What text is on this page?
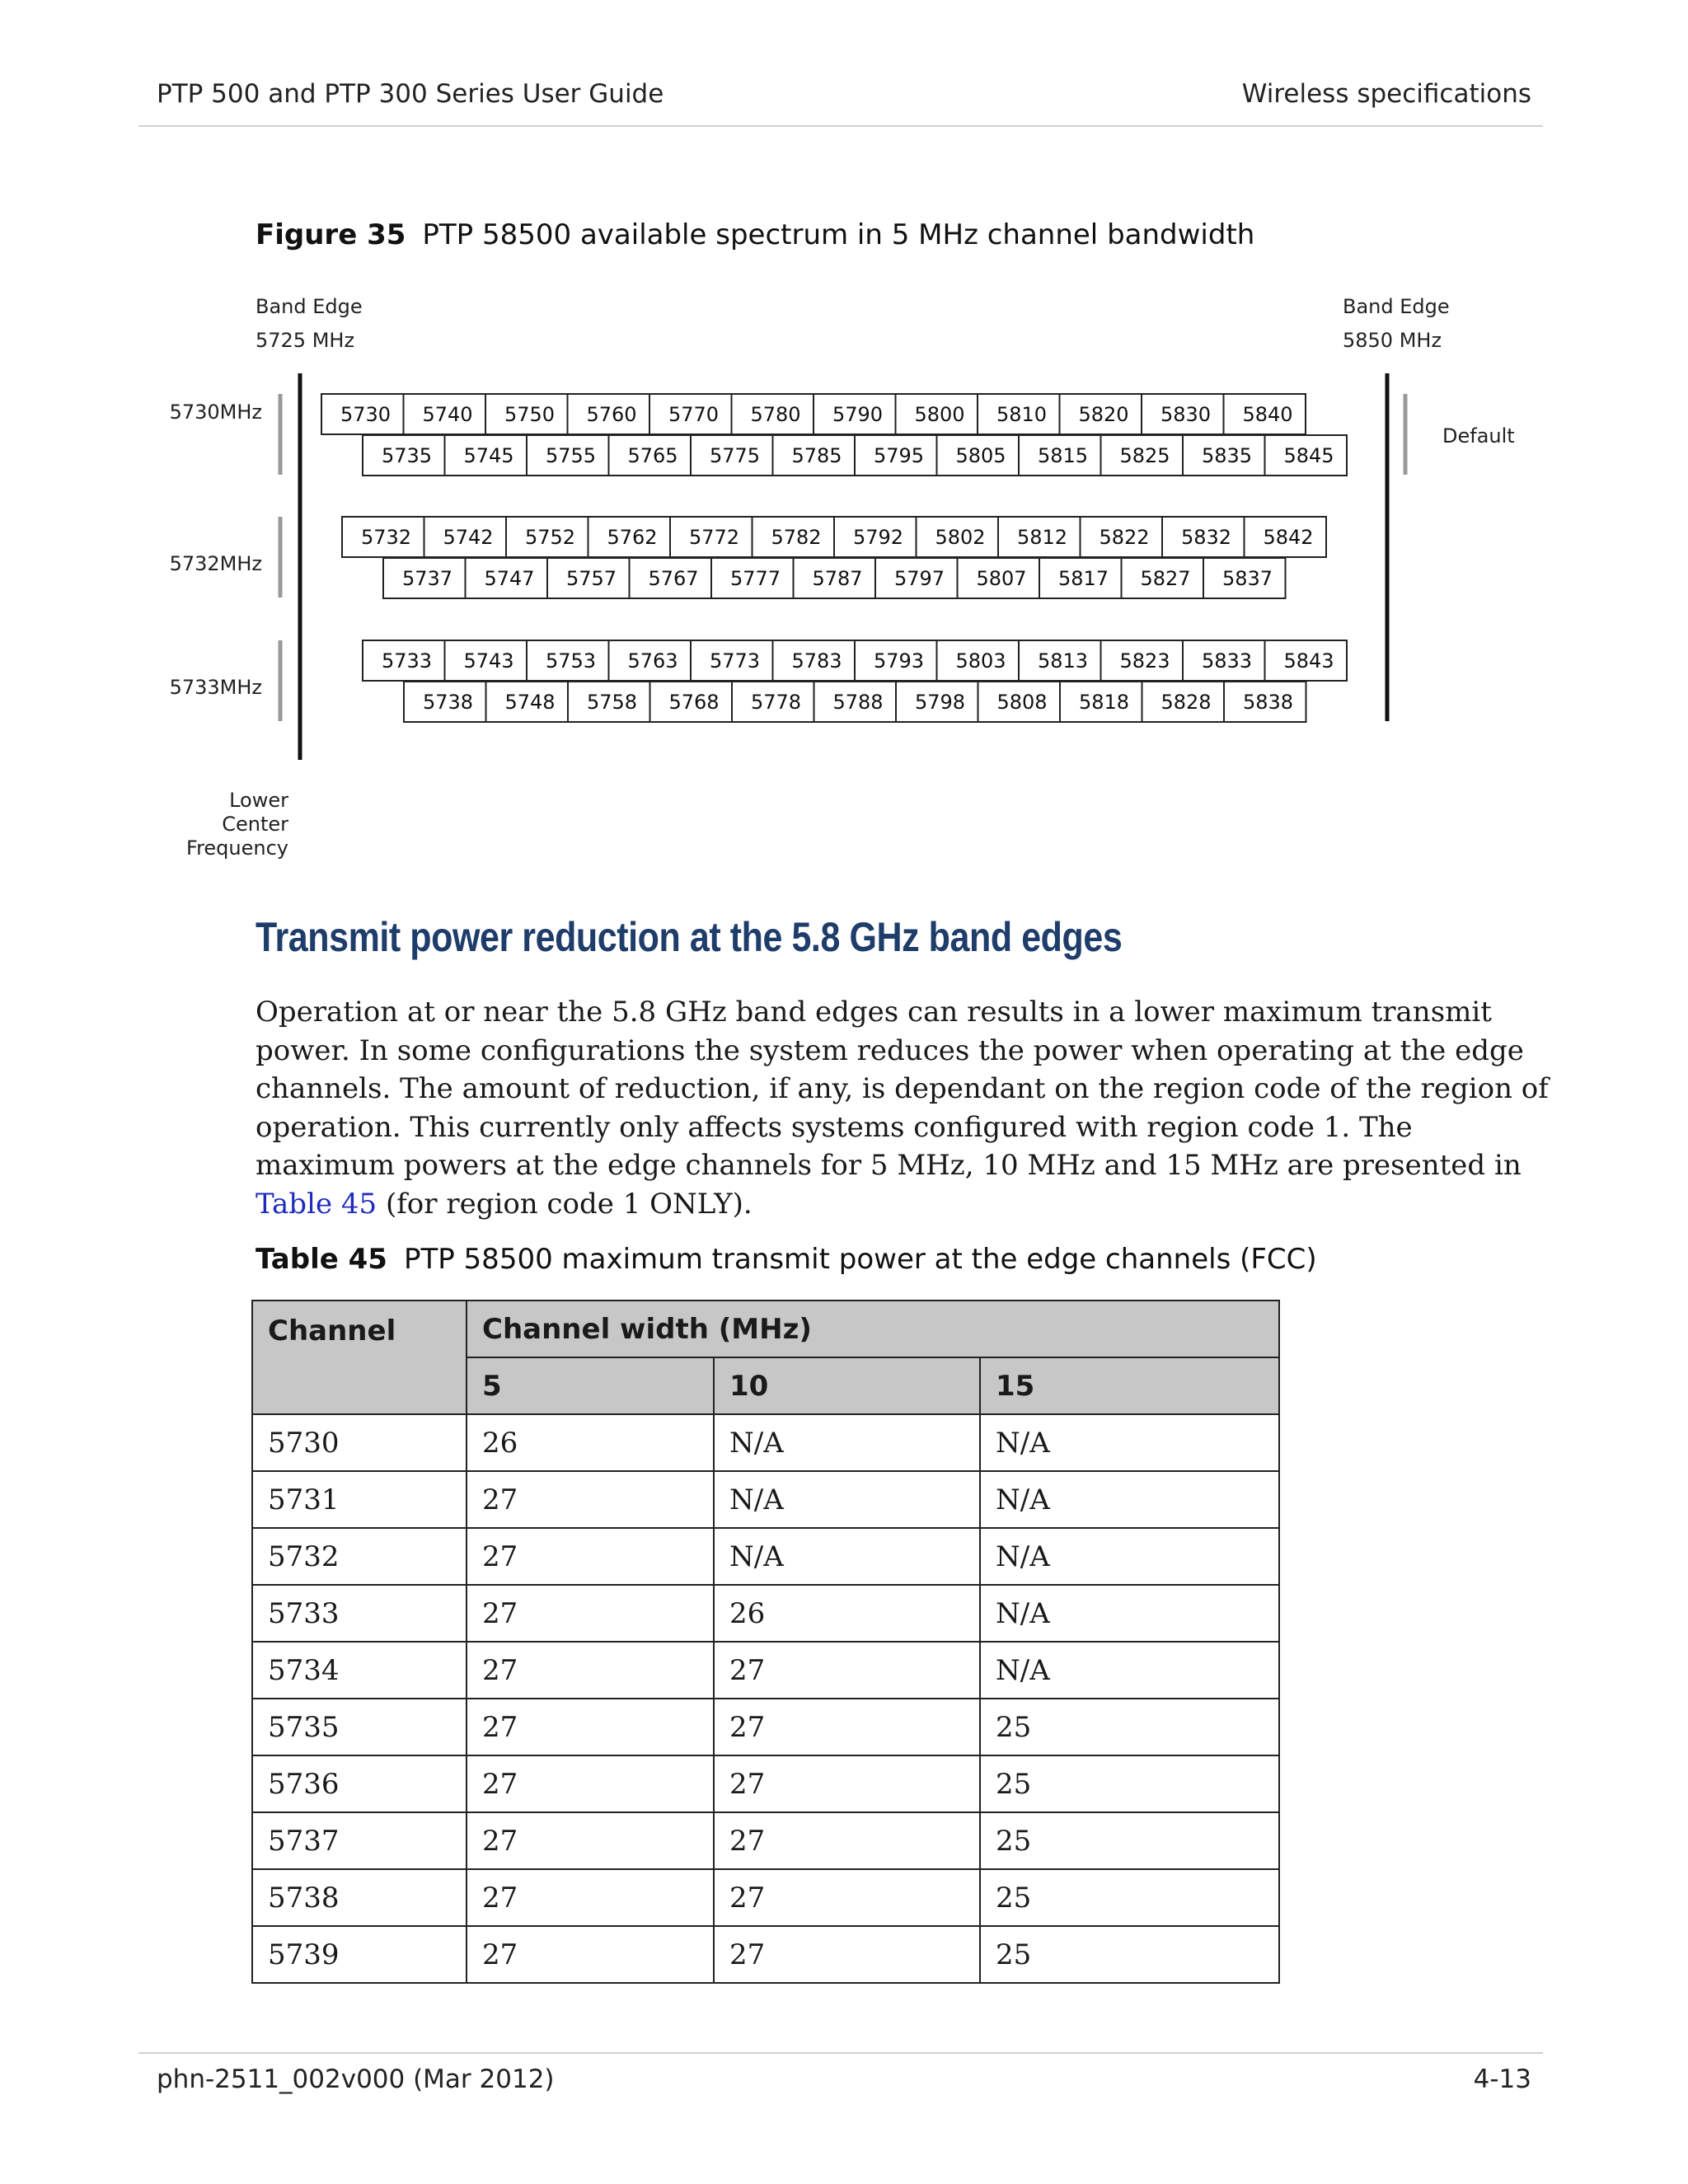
PTP 500 and PTP 300 Series User Guide	Wireless specifications
Figure 35 PTP 58500 available spectrum in 5 MHz channel bandwidth
Band Edge
5725 MHz
Band Edge
5850 MHz
Default
Lower
Center
Frequency
5730MHz	5730 5740 5750 5760 5770 5780 5790 5800 5810 5820 5830 5840
5735 5745 5755 5765 5775 5785 5795 5805 5815 5825 5835 5845
5732MHz
5732 5742 5752 5762 5772 5782 5792 5802 5812 5822 5832 5842
5737 5747 5757 5767 5777 5787 5797 5807 5817 5827 5837
5733MHz
5733 5743 5753 5763 5773 5783 5793 5803 5813 5823 5833 5843
5738 5748 5758 5768 5778 5788 5798 5808 5818 5828 5838
Transmit power reduction at the 5.8 GHz band edges
Operation at or near the 5.8 GHz band edges can results in a lower maximum transmit power. In some configurations the system reduces the power when operating at the edge channels. The amount of reduction, if any, is dependant on the region code of the region of operation. This currently only affects systems configured with region code 1. The maximum powers at the edge channels for 5 MHz, 10 MHz and 15 MHz are presented in Table 45 (for region code 1 ONLY).
Table 45 PTP 58500 maximum transmit power at the edge channels (FCC)
Channel	Channel width (MHz)		
	5	10	15
5730	26	N/A	N/A
5731	27	N/A	N/A
5732	27	N/A	N/A
5733	27	26	N/A
5734	27	27	N/A
5735	27	27	25
5736	27	27	25
5737	27	27	25
5738	27	27	25
5739	27	27	25
phn-2511_002v000 (Mar 2012)	4-13
